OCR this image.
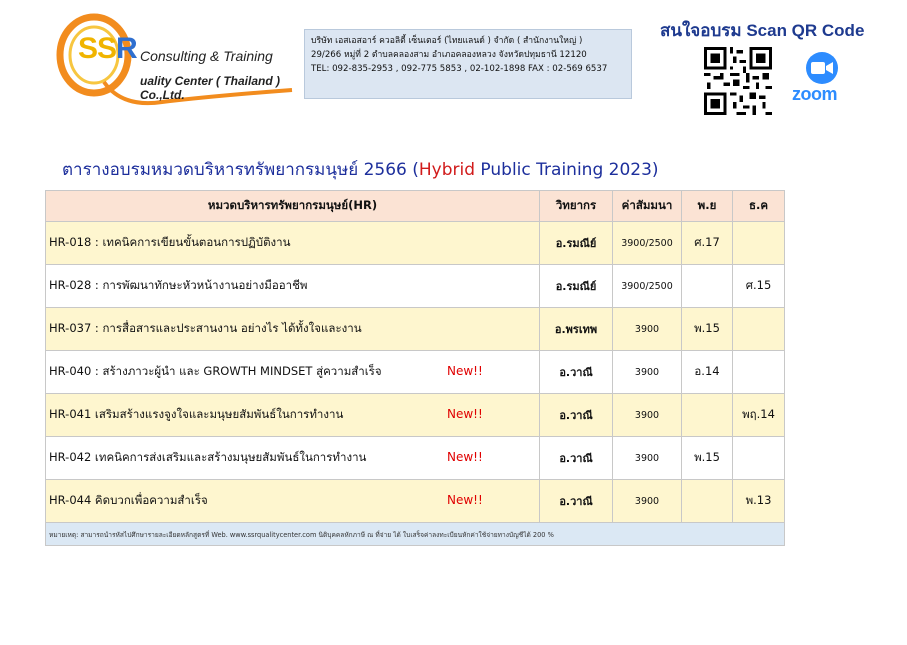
SSR Consulting & Training
uality Center ( Thailand ) Co.,Ltd.
บริษัท เอสเอสอาร์ ควอลิตี้ เซ็นเตอร์ (ไทยแลนด์ ) จำกัด ( สำนักงานใหญ่ )
29/266 หมู่ที่ 2 ตำบลคลองสาม อำเภอคลองหลวง จังหวัดปทุมธานี 12120
TEL: 092-835-2953 , 092-775 5853 , 02-102-1898 FAX : 02-569 6537
สนใจอบรม Scan QR Code
zoom
ตารางอบรมหมวดบริหารทรัพยากรมนุษย์ 2566 (Hybrid Public Training 2023)
หมวดบริหารทรัพยากรมนุษย์(HR)	วิทยากร	ค่าสัมมนา	พ.ย	ธ.ค
HR-018 : เทคนิคการเขียนขั้นตอนการปฏิบัติงาน	อ.รมณีย์	3900/2500	ศ.17	
HR-028 : การพัฒนาทักษะหัวหน้างานอย่างมืออาชีพ	อ.รมณีย์	3900/2500		ศ.15
HR-037 : การสื่อสารและประสานงาน อย่างไร ได้ทั้งใจและงาน	อ.พรเทพ	3900	พ.15	
HR-040 : สร้างภาวะผู้นำ และ GROWTH MINDSET สู่ความสำเร็จ New!!	อ.วาณี	3900	อ.14	
HR-041 เสริมสร้างแรงจูงใจและมนุษยสัมพันธ์ในการทำงาน New!!	อ.วาณี	3900		พฤ.14
HR-042 เทคนิคการส่งเสริมและสร้างมนุษยสัมพันธ์ในการทำงาน New!!	อ.วาณี	3900	พ.15	
HR-044 คิดบวกเพื่อความสำเร็จ New!!	อ.วาณี	3900		พ.13
หมายเหตุ: สามารถนำรหัสไปศึกษารายละเอียดหลักสูตรที่ Web. www.ssrqualitycenter.com นิติบุคคลหักภาษี ณ ที่จ่าย ได้ ใบเสร็จค่าลงทะเบียนหักค่าใช้จ่ายทางบัญชีได้ 200 %				
